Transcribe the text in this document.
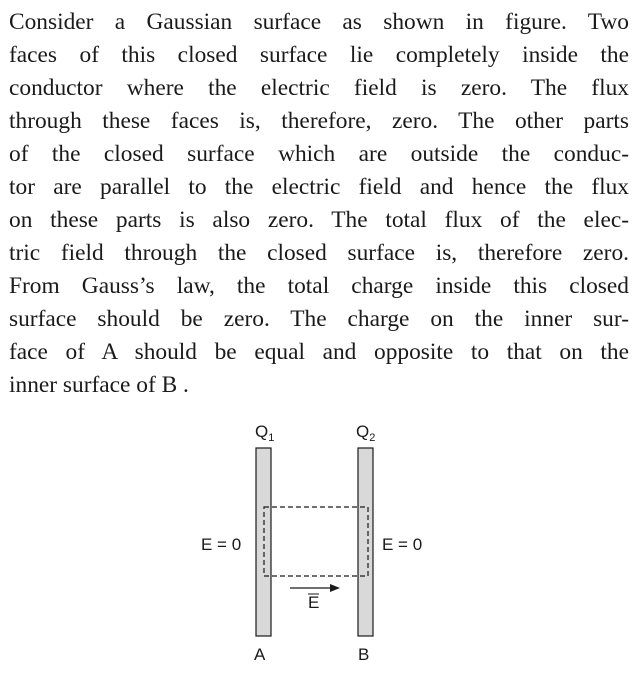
Consider a Gaussian surface as shown in figure. Two
faces of this closed surface lie completely inside the
conductor where the electric field is zero. The flux
through these faces is, therefore, zero. The other parts
of the closed surface which are outside the conduc-
tor are parallel to the electric field and hence the flux
on these parts is also zero. The total flux of the elec-
tric field through the closed surface is, therefore zero.
From Gauss’s law, the total charge inside this closed
surface should be zero. The charge on the inner sur-
face of A should be equal and opposite to that on the
inner surface of B .
$Q_1$	$Q_2$
E = 0	E = 0
E
A	B
